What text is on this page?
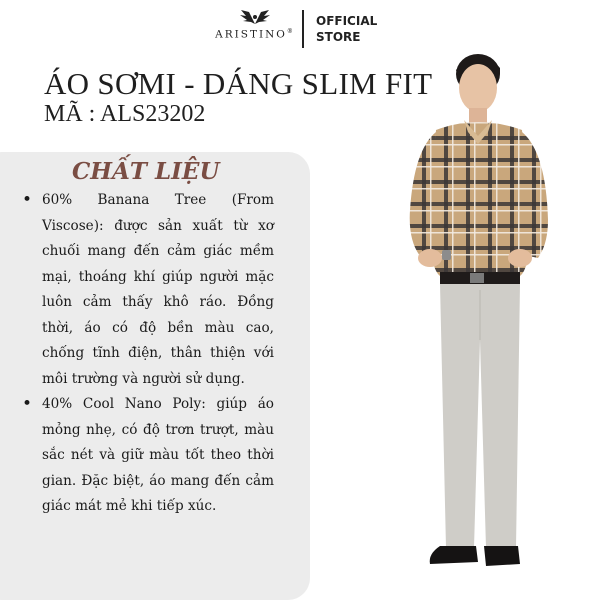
ARISTINO®
OFFICIAL
STORE
ÁO SƠMI - DÁNG SLIM FIT
MÃ : ALS23202
CHẤT LIỆU
• 60% Banana Tree (From Viscose): được sản xuất từ xơ chuối mang đến cảm giác mềm mại, thoáng khí giúp người mặc luôn cảm thấy khô ráo. Đồng thời, áo có độ bền màu cao, chống tĩnh điện, thân thiện với môi trường và người sử dụng.
• 40% Cool Nano Poly: giúp áo mỏng nhẹ, có độ trơn trượt, màu sắc nét và giữ màu tốt theo thời gian. Đặc biệt, áo mang đến cảm giác mát mẻ khi tiếp xúc.
